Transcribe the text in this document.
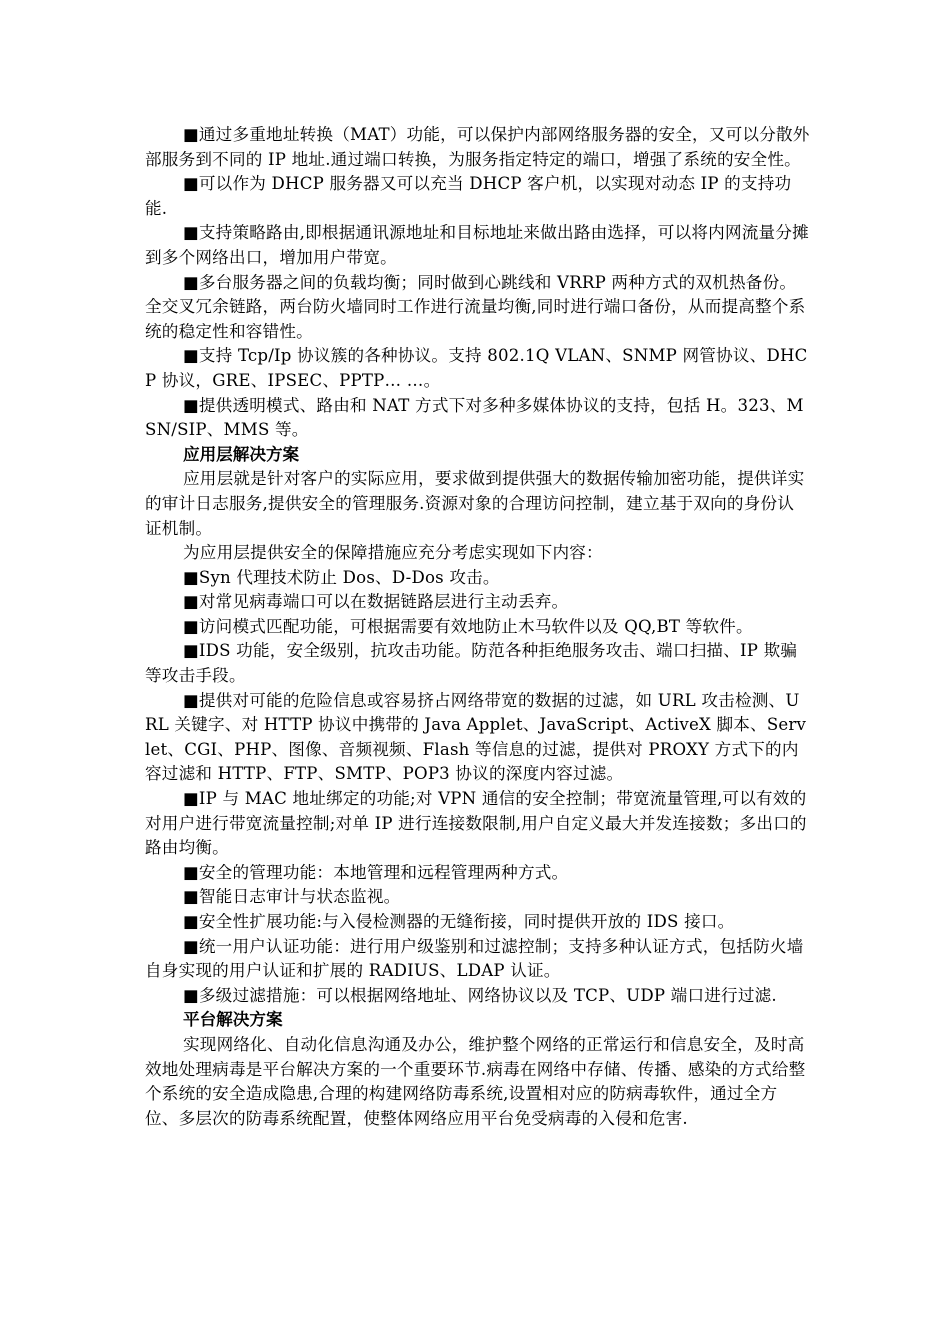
■通过多重地址转换（MAT）功能，可以保护内部网络服务器的安全，又可以分散外部服务到不同的 IP 地址.通过端口转换，为服务指定特定的端口，增强了系统的安全性。

■可以作为 DHCP 服务器又可以充当 DHCP 客户机，以实现对动态 IP 的支持功能.

■支持策略路由,即根据通讯源地址和目标地址来做出路由选择，可以将内网流量分摊到多个网络出口，增加用户带宽。

■多台服务器之间的负载均衡；同时做到心跳线和 VRRP 两种方式的双机热备份。全交叉冗余链路，两台防火墙同时工作进行流量均衡,同时进行端口备份，从而提高整个系统的稳定性和容错性。

■支持 Tcp/Ip 协议簇的各种协议。支持 802.1Q VLAN、SNMP 网管协议、DHCP 协议，GRE、IPSEC、PPTP… …。

■提供透明模式、路由和 NAT 方式下对多种多媒体协议的支持，包括 H。323、MSN/SIP、MMS 等。

应用层解决方案

应用层就是针对客户的实际应用，要求做到提供强大的数据传输加密功能，提供详实的审计日志服务,提供安全的管理服务.资源对象的合理访问控制，建立基于双向的身份认证机制。

为应用层提供安全的保障措施应充分考虑实现如下内容：

■Syn 代理技术防止 Dos、D-Dos 攻击。

■对常见病毒端口可以在数据链路层进行主动丢弃。

■访问模式匹配功能，可根据需要有效地防止木马软件以及 QQ,BT 等软件。

■IDS 功能，安全级别，抗攻击功能。防范各种拒绝服务攻击、端口扫描、IP 欺骗等攻击手段。

■提供对可能的危险信息或容易挤占网络带宽的数据的过滤，如 URL 攻击检测、URL 关键字、对 HTTP 协议中携带的 Java Applet、JavaScript、ActiveX 脚本、Servlet、CGI、PHP、图像、音频视频、Flash 等信息的过滤，提供对 PROXY 方式下的内容过滤和 HTTP、FTP、SMTP、POP3 协议的深度内容过滤。

■IP 与 MAC 地址绑定的功能;对 VPN 通信的安全控制；带宽流量管理,可以有效的对用户进行带宽流量控制;对单 IP 进行连接数限制,用户自定义最大并发连接数；多出口的路由均衡。

■安全的管理功能：本地管理和远程管理两种方式。

■智能日志审计与状态监视。

■安全性扩展功能:与入侵检测器的无缝衔接，同时提供开放的 IDS 接口。

■统一用户认证功能：进行用户级鉴别和过滤控制；支持多种认证方式，包括防火墙自身实现的用户认证和扩展的 RADIUS、LDAP 认证。

■多级过滤措施：可以根据网络地址、网络协议以及 TCP、UDP 端口进行过滤.

平台解决方案

实现网络化、自动化信息沟通及办公，维护整个网络的正常运行和信息安全，及时高效地处理病毒是平台解决方案的一个重要环节.病毒在网络中存储、传播、感染的方式给整个系统的安全造成隐患,合理的构建网络防毒系统,设置相对应的防病毒软件，通过全方位、多层次的防毒系统配置，使整体网络应用平台免受病毒的入侵和危害.
